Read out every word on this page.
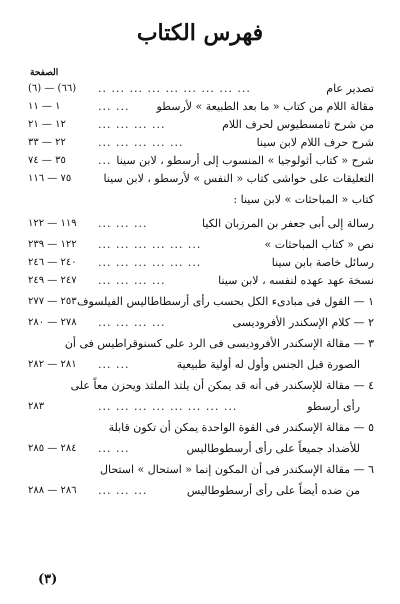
فهرس الكتاب
الصفحة
تصدير عام
.. ... ... ... ... ... ... ... ...
(٦) — (٦٦)
مقالة اللام من كتاب « ما بعد الطبيعة » لأرسطو
... ...
١ — ١١
من شرح ثامسطيوس لحرف اللام
... ... ... ...
١٢ — ٢١
شرح حرف اللام لابن سينا
... ... ... ... ...
٢٢ — ٣٣
شرح « كتاب أثولوجيا » المنسوب إلى أرسطو ، لابن سينا
...
٣٥ — ٧٤
التعليقات على حواشى كتاب « النفس » لأرسطو ، لابن سينا
٧٥ — ١١٦
كتاب « المباحثات » لابن سينا :
رسالة إلى أبى جعفر بن المرزبان الكيا
... ... ...
١١٩ — ١٢٢
نص « كتاب المباحثات »
... ... ... ... ... ...
١٢٢ — ٢٣٩
رسائل خاصة بابن سينا
... ... ... ... ... ...
٢٤٠ — ٢٤٦
نسخة عهد عهده لنفسه ، لابن سينا
... ... ... ...
٢٤٧ — ٢٤٩
١ — القول فى مبادىء الكل بحسب رأى أرسطاطاليس الفيلسوف
٢٥٣ — ٢٧٧
٢ — كلام الإسكندر الأفروديسى
... ... ... ...
٢٧٨ — ٢٨٠
٣ — مقالة الإسكندر الأفروديسى فى الرد على كسنوقراطيس فى أن
الصورة قبل الجنس وأول له أولية طبيعية
... ...
٢٨١ — ٢٨٢
٤ — مقالة للإسكندر فى أنه قد يمكن أن يلتذ الملتذ ويحزن معاً على
رأى أرسطو
... ... ... ... ... ... ... ...
٢٨٣
٥ — مقالة الإسكندر فى القوة الواحدة يمكن أن تكون قابلة
للأضداد جميعاً على رأى أرسطوطاليس
... ...
٢٨٤ — ٢٨٥
٦ — مقالة الإسكندر فى أن المكون إنما « استحال » استحال
من ضده أيضاً على رأى أرسطوطاليس
... ... ...
٢٨٦ — ٢٨٨
(٣)
